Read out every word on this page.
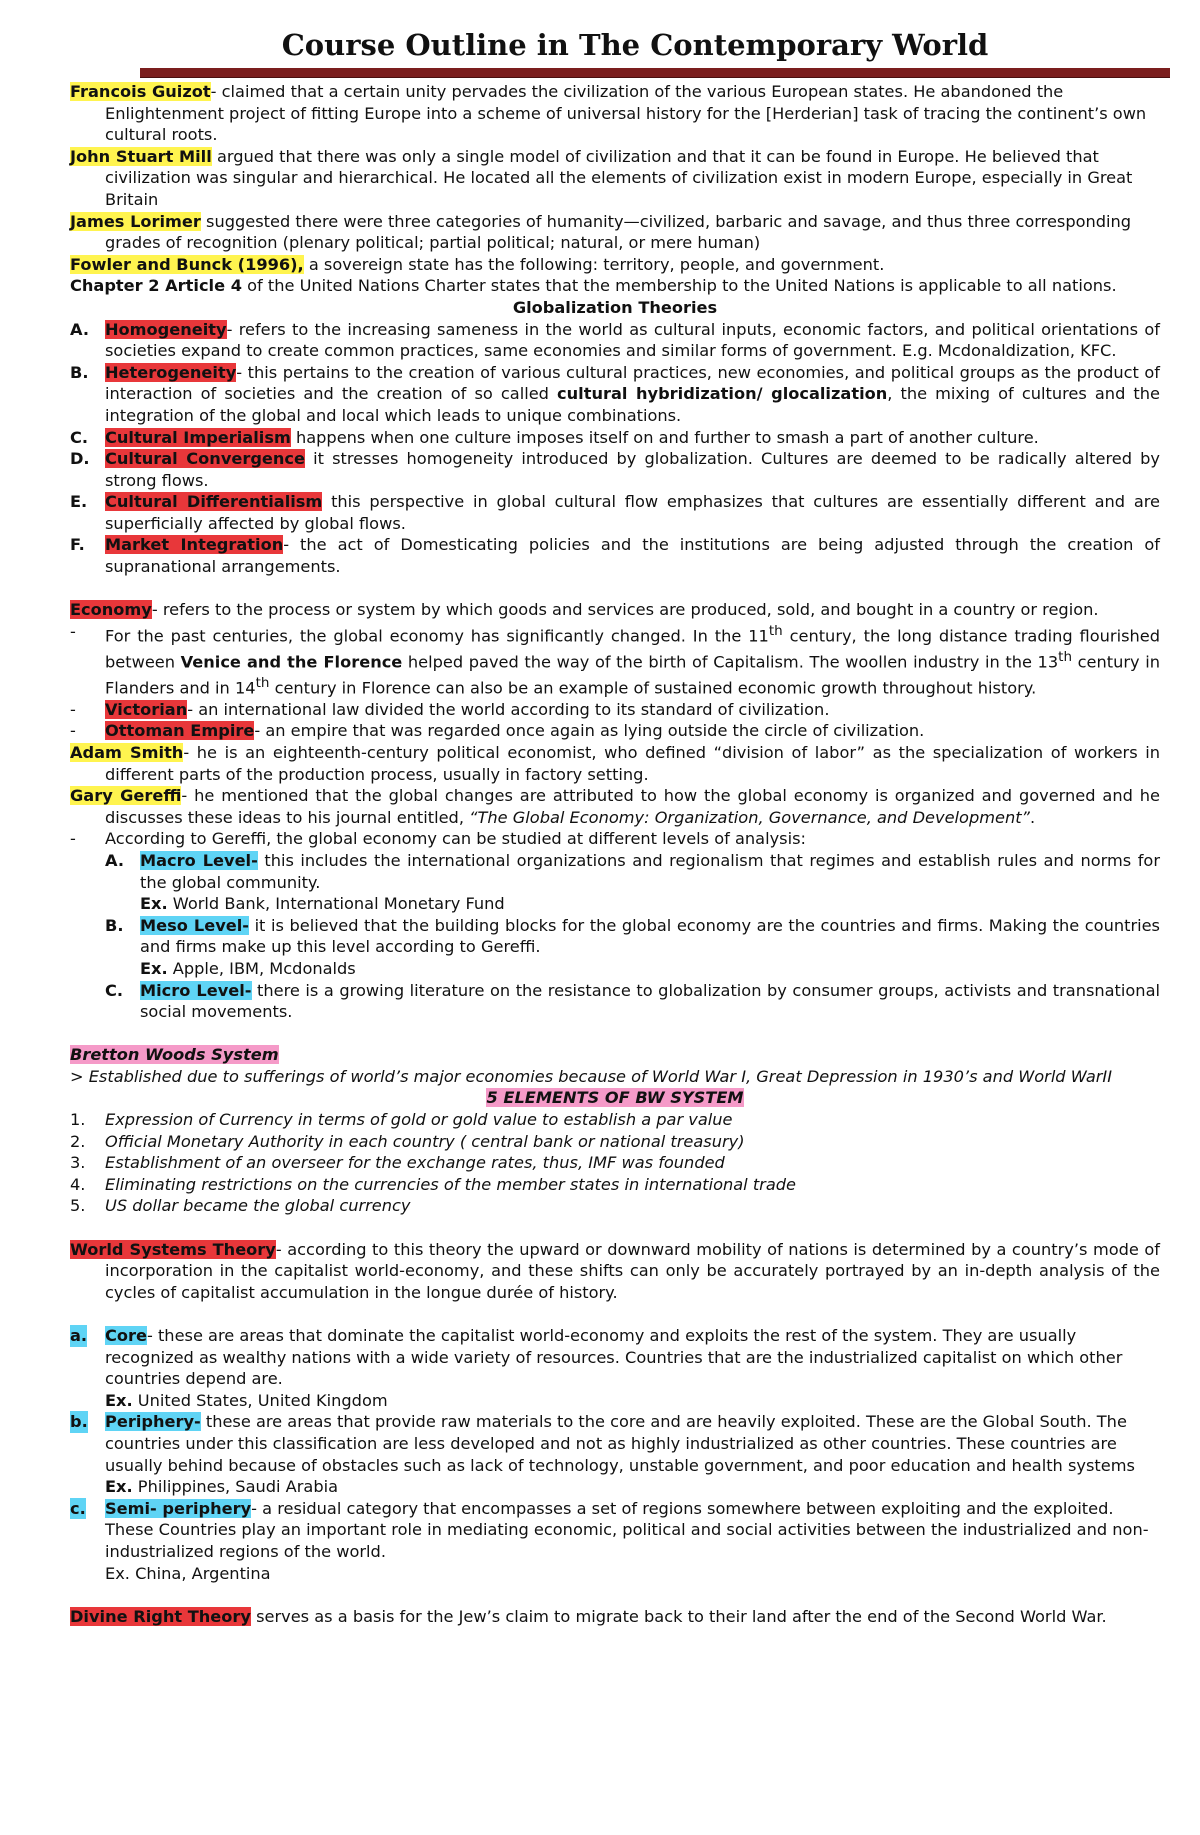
Course Outline in The Contemporary World

Francois Guizot- claimed that a certain unity pervades the civilization of the various European states. He abandoned the Enlightenment project of fitting Europe into a scheme of universal history for the [Herderian] task of tracing the continent’s own cultural roots.

John Stuart Mill argued that there was only a single model of civilization and that it can be found in Europe. He believed that civilization was singular and hierarchical. He located all the elements of civilization exist in modern Europe, especially in Great Britain

James Lorimer suggested there were three categories of humanity—civilized, barbaric and savage, and thus three corresponding grades of recognition (plenary political; partial political; natural, or mere human)

Fowler and Bunck (1996), a sovereign state has the following: territory, people, and government.

Chapter 2 Article 4 of the United Nations Charter states that the membership to the United Nations is applicable to all nations.

Globalization Theories

A. Homogeneity- refers to the increasing sameness in the world as cultural inputs, economic factors, and political orientations of societies expand to create common practices, same economies and similar forms of government. E.g. Mcdonaldization, KFC.
B. Heterogeneity- this pertains to the creation of various cultural practices, new economies, and political groups as the product of interaction of societies and the creation of so called cultural hybridization/ glocalization, the mixing of cultures and the integration of the global and local which leads to unique combinations.
C. Cultural Imperialism happens when one culture imposes itself on and further to smash a part of another culture.
D. Cultural Convergence it stresses homogeneity introduced by globalization. Cultures are deemed to be radically altered by strong flows.
E. Cultural Differentialism this perspective in global cultural flow emphasizes that cultures are essentially different and are superficially affected by global flows.
F. Market Integration- the act of Domesticating policies and the institutions are being adjusted through the creation of supranational arrangements.

Economy- refers to the process or system by which goods and services are produced, sold, and bought in a country or region.

- For the past centuries, the global economy has significantly changed. In the 11th century, the long distance trading flourished between Venice and the Florence helped paved the way of the birth of Capitalism. The woollen industry in the 13th century in Flanders and in 14th century in Florence can also be an example of sustained economic growth throughout history.
- Victorian- an international law divided the world according to its standard of civilization.
- Ottoman Empire- an empire that was regarded once again as lying outside the circle of civilization.

Adam Smith- he is an eighteenth-century political economist, who defined “division of labor” as the specialization of workers in different parts of the production process, usually in factory setting.

Gary Gereffi- he mentioned that the global changes are attributed to how the global economy is organized and governed and he discusses these ideas to his journal entitled, “The Global Economy: Organization, Governance, and Development”.

- According to Gereffi, the global economy can be studied at different levels of analysis:
A. Macro Level- this includes the international organizations and regionalism that regimes and establish rules and norms for the global community.

Ex. World Bank, International Monetary Fund

B. Meso Level- it is believed that the building blocks for the global economy are the countries and firms. Making the countries and firms make up this level according to Gereffi.

Ex. Apple, IBM, Mcdonalds

C. Micro Level- there is a growing literature on the resistance to globalization by consumer groups, activists and transnational social movements.

Bretton Woods System

> Established due to sufferings of world’s major economies because of World War I, Great Depression in 1930’s and World WarII

5 ELEMENTS OF BW SYSTEM

1. Expression of Currency in terms of gold or gold value to establish a par value
2. Official Monetary Authority in each country ( central bank or national treasury)
3. Establishment of an overseer for the exchange rates, thus, IMF was founded
4. Eliminating restrictions on the currencies of the member states in international trade
5. US dollar became the global currency

World Systems Theory- according to this theory the upward or downward mobility of nations is determined by a country’s mode of incorporation in the capitalist world-economy, and these shifts can only be accurately portrayed by an in-depth analysis of the cycles of capitalist accumulation in the longue durée of history.

a. Core- these are areas that dominate the capitalist world-economy and exploits the rest of the system. They are usually recognized as wealthy nations with a wide variety of resources. Countries that are the industrialized capitalist on which other countries depend are.

Ex. United States, United Kingdom

b. Periphery- these are areas that provide raw materials to the core and are heavily exploited. These are the Global South. The countries under this classification are less developed and not as highly industrialized as other countries. These countries are usually behind because of obstacles such as lack of technology, unstable government, and poor education and health systems

Ex. Philippines, Saudi Arabia

c. Semi- periphery- a residual category that encompasses a set of regions somewhere between exploiting and the exploited. These Countries play an important role in mediating economic, political and social activities between the industrialized and non-industrialized regions of the world.

Ex. China, Argentina

Divine Right Theory serves as a basis for the Jew’s claim to migrate back to their land after the end of the Second World War.
